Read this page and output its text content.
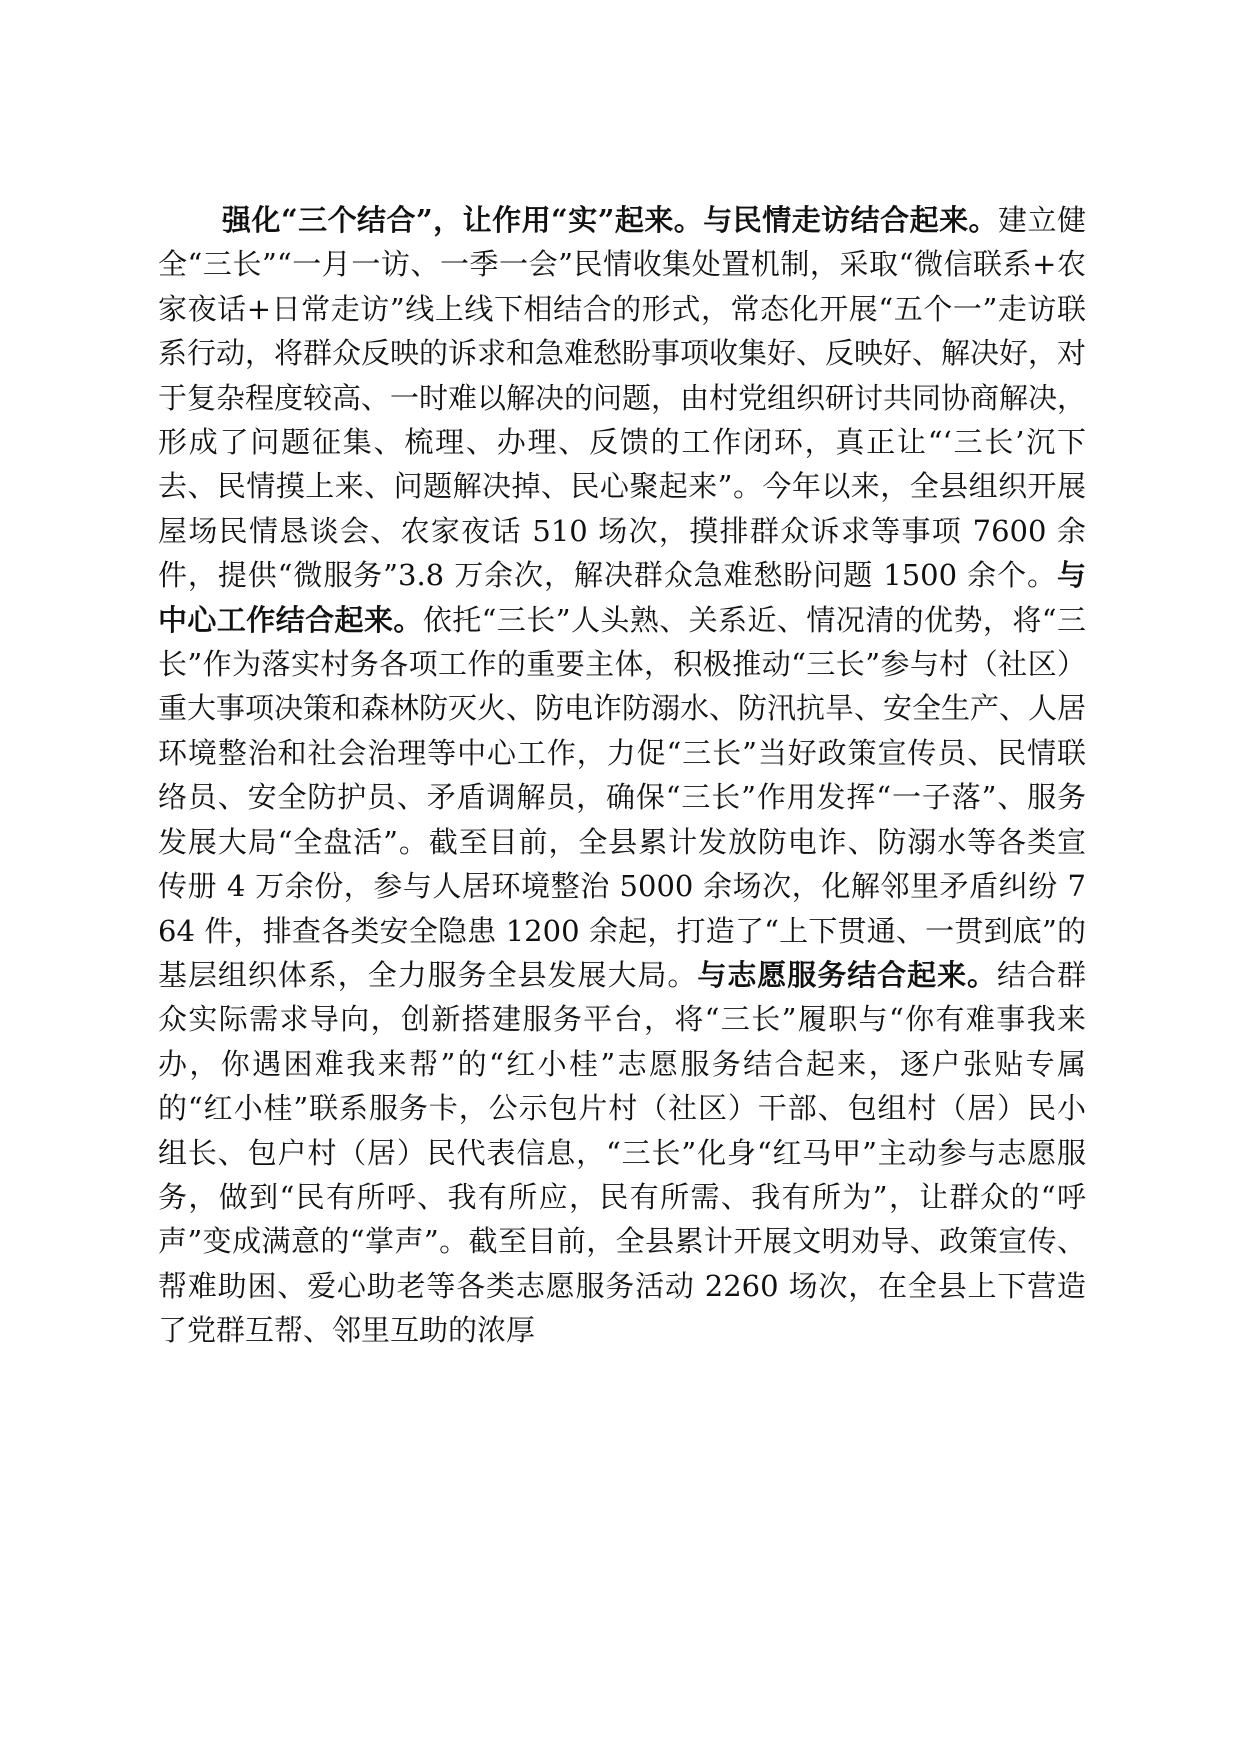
强化“三个结合”，让作用“实”起来。与民情走访结合起来。建立健全“三长”“一月一访、一季一会”民情收集处置机制，采取“微信联系+农家夜话+日常走访”线上线下相结合的形式，常态化开展“五个一”走访联系行动，将群众反映的诉求和急难愁盼事项收集好、反映好、解决好，对于复杂程度较高、一时难以解决的问题，由村党组织研讨共同协商解决，形成了问题征集、梳理、办理、反馈的工作闭环，真正让“‘三长’沉下去、民情摸上来、问题解决掉、民心聚起来”。今年以来，全县组织开展屋场民情恳谈会、农家夜话 510 场次，摸排群众诉求等事项 7600 余件，提供“微服务”3.8 万余次，解决群众急难愁盼问题 1500 余个。与中心工作结合起来。依托“三长”人头熟、关系近、情况清的优势，将“三长”作为落实村务各项工作的重要主体，积极推动“三长”参与村（社区）重大事项决策和森林防灭火、防电诈防溺水、防汛抗旱、安全生产、人居环境整治和社会治理等中心工作，力促“三长”当好政策宣传员、民情联络员、安全防护员、矛盾调解员，确保“三长”作用发挥“一子落”、服务发展大局“全盘活”。截至目前，全县累计发放防电诈、防溺水等各类宣传册 4 万余份，参与人居环境整治 5000 余场次，化解邻里矛盾纠纷 764 件，排查各类安全隐患 1200 余起，打造了“上下贯通、一贯到底”的基层组织体系，全力服务全县发展大局。与志愿服务结合起来。结合群众实际需求导向，创新搭建服务平台，将“三长”履职与“你有难事我来办，你遇困难我来帮”的“红小桂”志愿服务结合起来，逐户张贴专属的“红小桂”联系服务卡，公示包片村（社区）干部、包组村（居）民小组长、包户村（居）民代表信息，“三长”化身“红马甲”主动参与志愿服务，做到“民有所呼、我有所应，民有所需、我有所为”，让群众的“呼声”变成满意的“掌声”。截至目前，全县累计开展文明劝导、政策宣传、帮难助困、爱心助老等各类志愿服务活动 2260 场次，在全县上下营造了党群互帮、邻里互助的浓厚
